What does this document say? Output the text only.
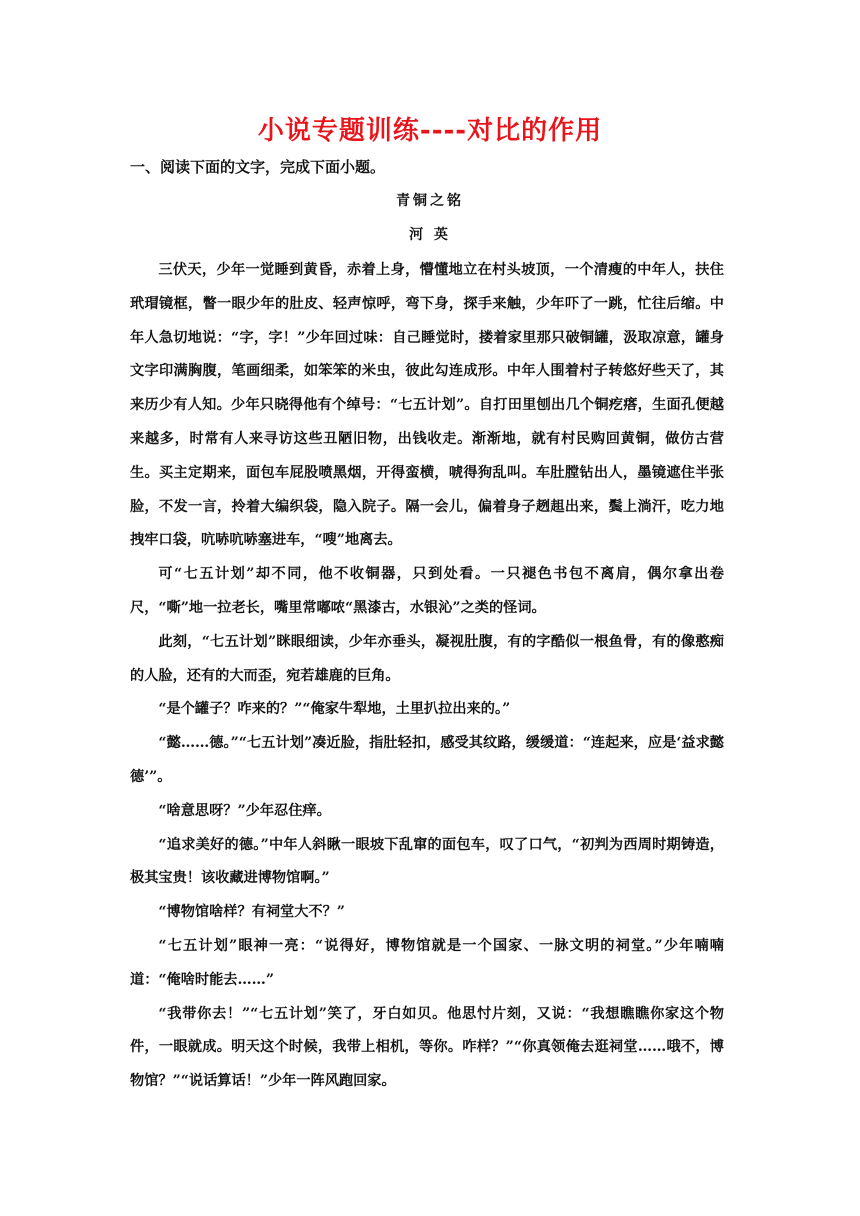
小说专题训练----对比的作用
一、阅读下面的文字，完成下面小题。
青铜之铭
河 英

三伏天，少年一觉睡到黄昏，赤着上身，懵懂地立在村头坡顶，一个清瘦的中年人，扶住玳瑁镜框，瞥一眼少年的肚皮、轻声惊呼，弯下身，探手来触，少年吓了一跳，忙往后缩。中年人急切地说：“字，字！”少年回过味：自己睡觉时，搂着家里那只破铜罐，汲取凉意，罐身文字印满胸腹，笔画细柔，如笨笨的米虫，彼此勾连成形。中年人围着村子转悠好些天了，其来历少有人知。少年只晓得他有个绰号：“七五计划”。自打田里刨出几个铜疙瘩，生面孔便越来越多，时常有人来寻访这些丑陋旧物，出钱收走。渐渐地，就有村民购回黄铜，做仿古营生。买主定期来，面包车屁股喷黑烟，开得蛮横，唬得狗乱叫。车肚膛钻出人，墨镜遮住半张脸，不发一言，拎着大编织袋，隐入院子。隔一会儿，偏着身子趔趄出来，鬓上淌汗，吃力地拽牢口袋，吭哧吭哧塞进车，“嗖”地离去。

可“七五计划”却不同，他不收铜器，只到处看。一只褪色书包不离肩，偶尔拿出卷尺，“嘶”地一拉老长，嘴里常嘟哝“黑漆古，水银沁”之类的怪词。

此刻，“七五计划”眯眼细读，少年亦垂头，凝视肚腹，有的字酷似一根鱼骨，有的像憨痴的人脸，还有的大而歪，宛若雄鹿的巨角。

“是个罐子？咋来的？”“俺家牛犁地，土里扒拉出来的。”

“懿……德。”“七五计划”凑近脸，指肚轻扣，感受其纹路，缓缓道：“连起来，应是‘益求懿德’”。

“啥意思呀？”少年忍住痒。

“追求美好的德。”中年人斜瞅一眼坡下乱窜的面包车，叹了口气，“初判为西周时期铸造，极其宝贵！该收藏进博物馆啊。”

“博物馆啥样？有祠堂大不？”

“七五计划”眼神一亮：“说得好，博物馆就是一个国家、一脉文明的祠堂。”少年喃喃道：“俺啥时能去……”

“我带你去！”“七五计划”笑了，牙白如贝。他思忖片刻，又说：“我想瞧瞧你家这个物件，一眼就成。明天这个时候，我带上相机，等你。咋样？”“你真领俺去逛祠堂……哦不，博物馆？”“说话算话！”少年一阵风跑回家。
